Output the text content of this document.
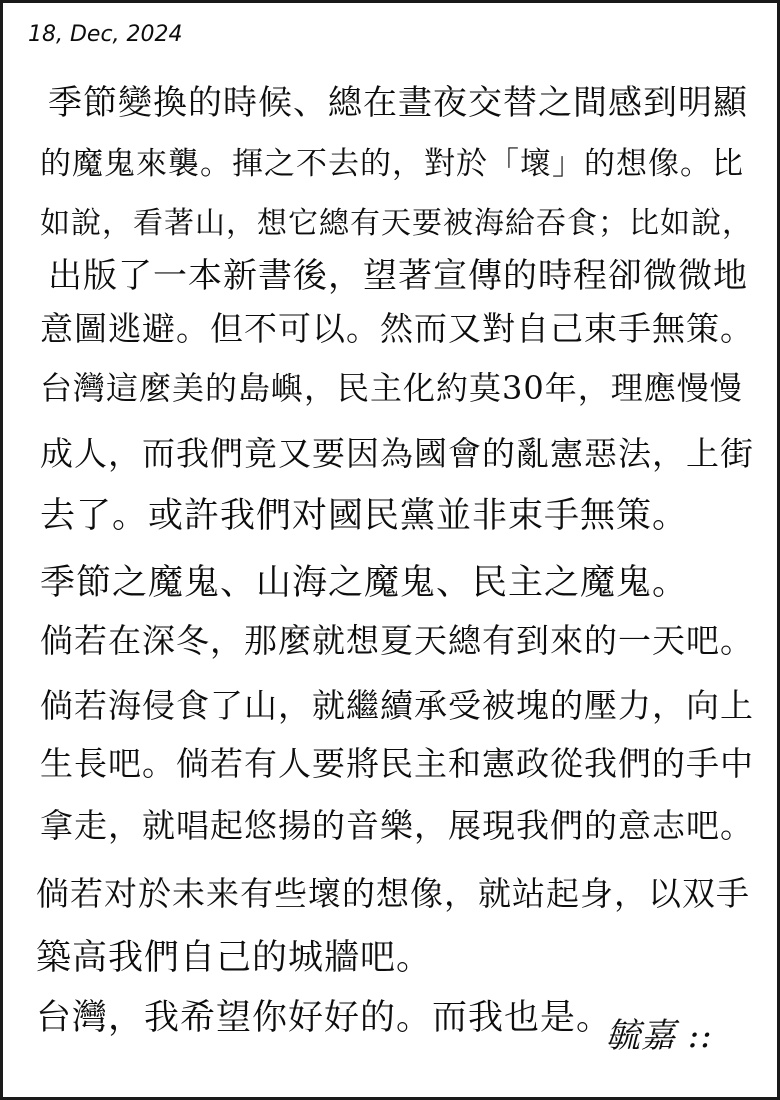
18, Dec, 2024
季節變換的時候、總在晝夜交替之間感到明顯
的魔鬼來襲。揮之不去的，對於「壞」的想像。比
如說，看著山，想它總有天要被海給吞食；比如說，
出版了一本新書後，望著宣傳的時程卻微微地
意圖逃避。但不可以。然而又對自己束手無策。
台灣這麼美的島嶼，民主化約莫30年，理應慢慢
成人，而我們竟又要因為國會的亂憲惡法，上街
去了。或許我們对國民黨並非束手無策。
季節之魔鬼、山海之魔鬼、民主之魔鬼。
倘若在深冬，那麼就想夏天總有到來的一天吧。
倘若海侵食了山，就繼續承受被塊的壓力，向上
生長吧。倘若有人要將民主和憲政從我們的手中
拿走，就唱起悠揚的音樂，展現我們的意志吧。
倘若对於未来有些壞的想像，就站起身，以双手
築高我們自己的城牆吧。
台灣，我希望你好好的。而我也是。
毓嘉 ::
